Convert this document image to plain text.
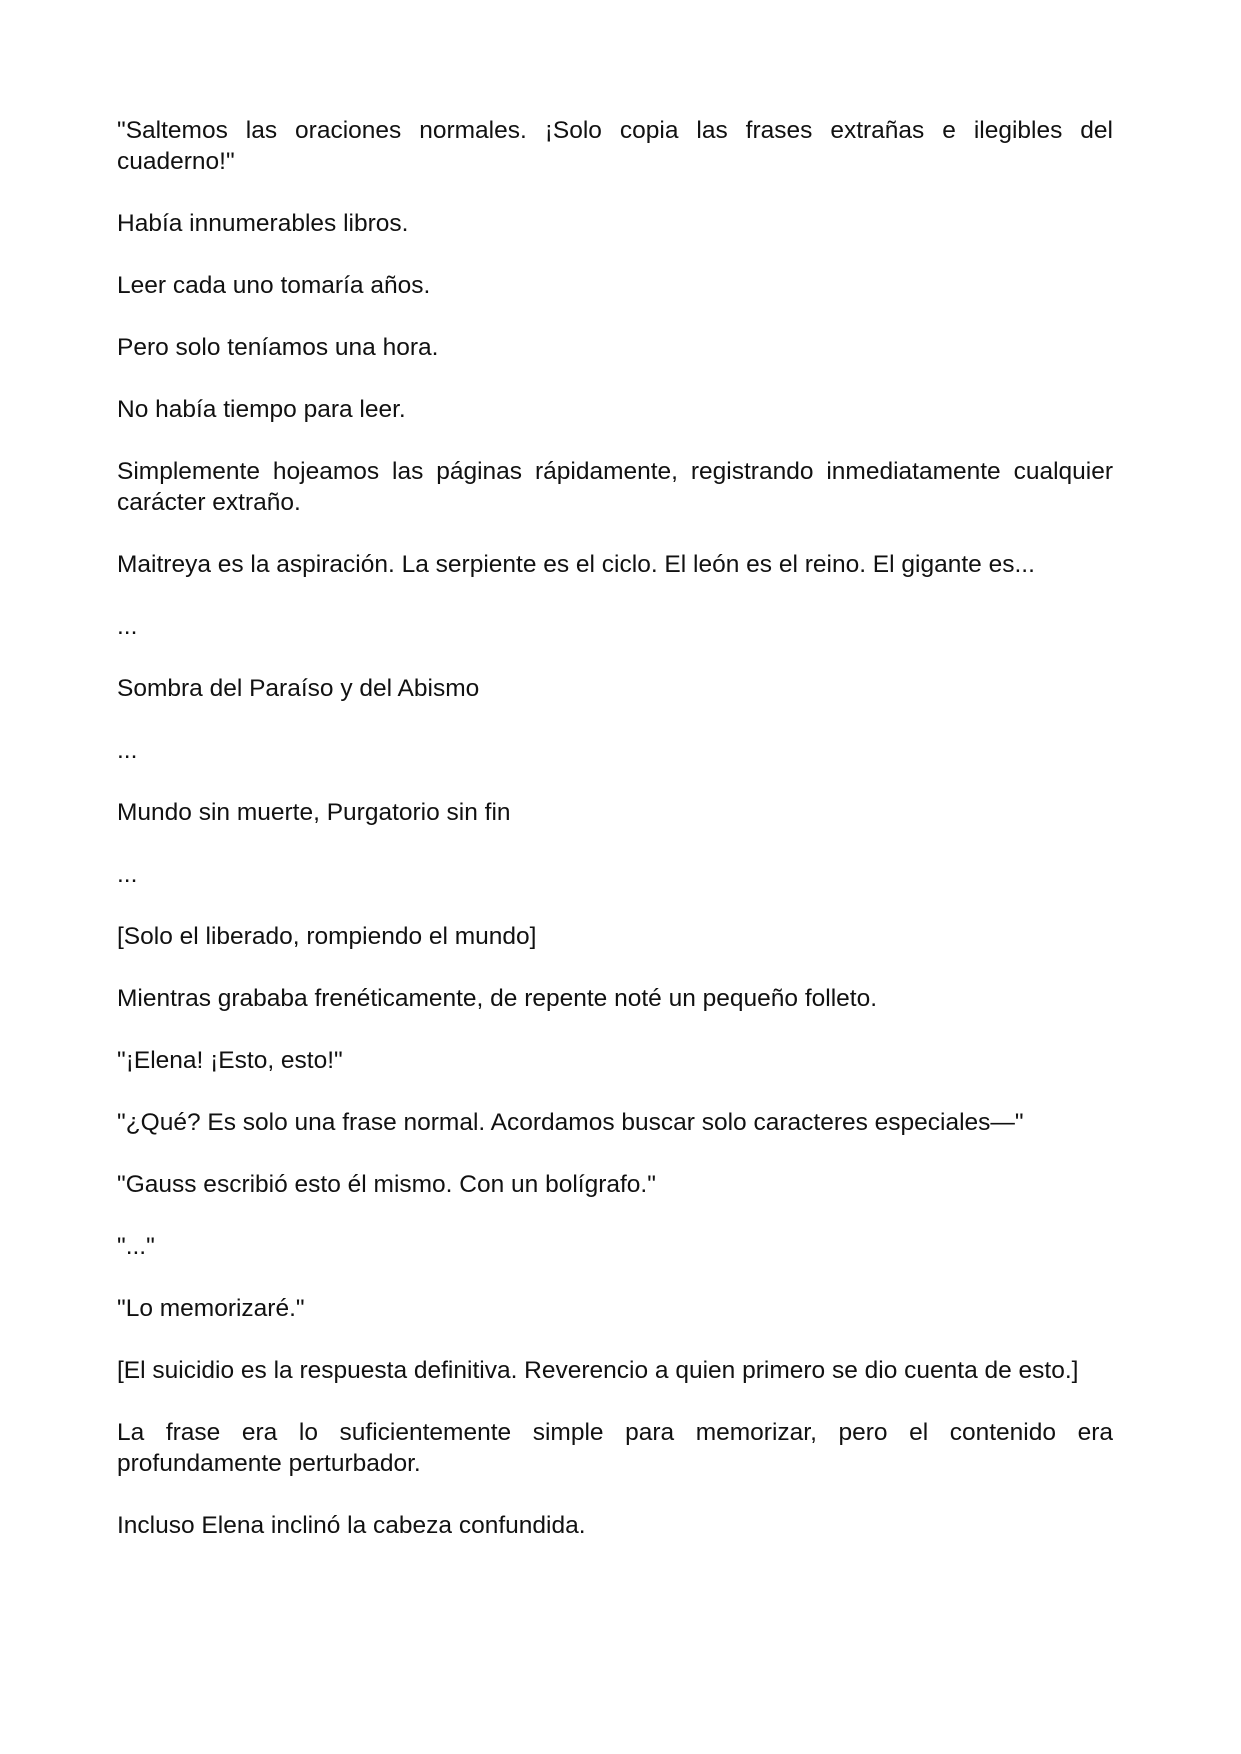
"Saltemos las oraciones normales. ¡Solo copia las frases extrañas e ilegibles del cuaderno!"

Había innumerables libros.

Leer cada uno tomaría años.

Pero solo teníamos una hora.

No había tiempo para leer.

Simplemente hojeamos las páginas rápidamente, registrando inmediatamente cualquier carácter extraño.

Maitreya es la aspiración. La serpiente es el ciclo. El león es el reino. El gigante es...

...

Sombra del Paraíso y del Abismo

...

Mundo sin muerte, Purgatorio sin fin

...

[Solo el liberado, rompiendo el mundo]

Mientras grababa frenéticamente, de repente noté un pequeño folleto.

"¡Elena! ¡Esto, esto!"

"¿Qué? Es solo una frase normal. Acordamos buscar solo caracteres especiales—"

"Gauss escribió esto él mismo. Con un bolígrafo."

"..."

"Lo memorizaré."

[El suicidio es la respuesta definitiva. Reverencio a quien primero se dio cuenta de esto.]

La frase era lo suficientemente simple para memorizar, pero el contenido era profundamente perturbador.

Incluso Elena inclinó la cabeza confundida.
